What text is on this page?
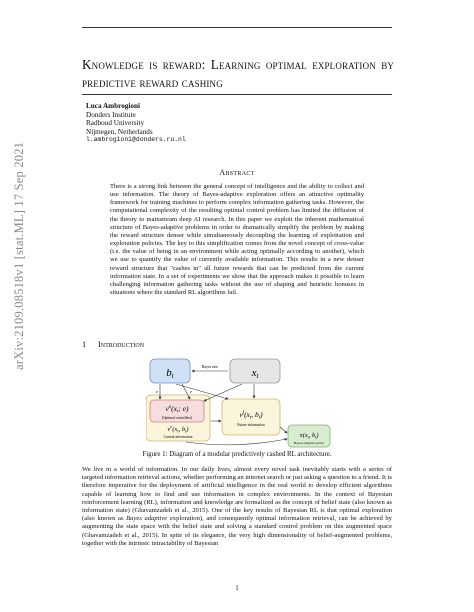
arXiv:2109.08518v1 [stat.ML] 17 Sep 2021
Knowledge is reward: Learning optimal exploration by predictive reward cashing
Luca Ambrogioni
Donders Institute
Radboud University
Nijmegen, Netherlands
l.ambrogioni@donders.ru.nl
Abstract
There is a strong link between the general concept of intelligence and the ability to collect and use information. The theory of Bayes-adaptive exploration offers an attractive optimality framework for training machines to perform complex information gathering tasks. However, the computational complexity of the resulting optimal control problem has limited the diffusion of the theory to mainstream deep AI research. In this paper we exploit the inherent mathematical structure of Bayes-adaptive problems in order to dramatically simplify the problem by making the reward structure denser while simultaneously decoupling the learning of exploitation and exploration policies. The key to this simplification comes from the novel concept of cross-value (i.e. the value of being in an environment while acting optimally according to another), which we use to quantify the value of currently available information. This results in a new denser reward structure that "cashes in" all future rewards that can be predicted from the current information state. In a set of experiments we show that the approach makes it possible to learn challenging information gathering tasks without the use of shaping and heuristic bonuses in situations where the standard RL algorithms fail.
1 Introduction
bt	xt
Bayes rule
$v^e(x_t$; e)
(Optimal controllers)
$v^e(x_t$, $b_t$)
Current information
$v^f(x_t$, $b_t$)
Future information
$\pi(x_t$, $b_t$)
Bayes-adaptive policy
e	e
Figure 1: Diagram of a modular predictively cashed RL architecture.
We live in a world of information. In our daily lives, almost every novel task inevitably starts with a series of targeted information retrieval actions, whether performing an internet search or just asking a question to a friend. It is therefore imperative for the deployment of artificial intelligence in the real world to develop efficient algorithms capable of learning how to find and use information in complex environments. In the context of Bayesian reinforcement learning (RL), information and knowledge are formalized as the concept of belief state (also known as information state) (Ghavamzadeh et al., 2015). One of the key results of Bayesian RL is that optimal exploration (also known as Bayes adaptive exploration), and consequently optimal information retrieval, can be achieved by augmenting the state space with the belief state and solving a standard control problem on this augmented space (Ghavamzadeh et al., 2015). In spite of its elegance, the very high dimensionality of belief-augmented problems, together with the intrinsic intractability of Bayesian
1
